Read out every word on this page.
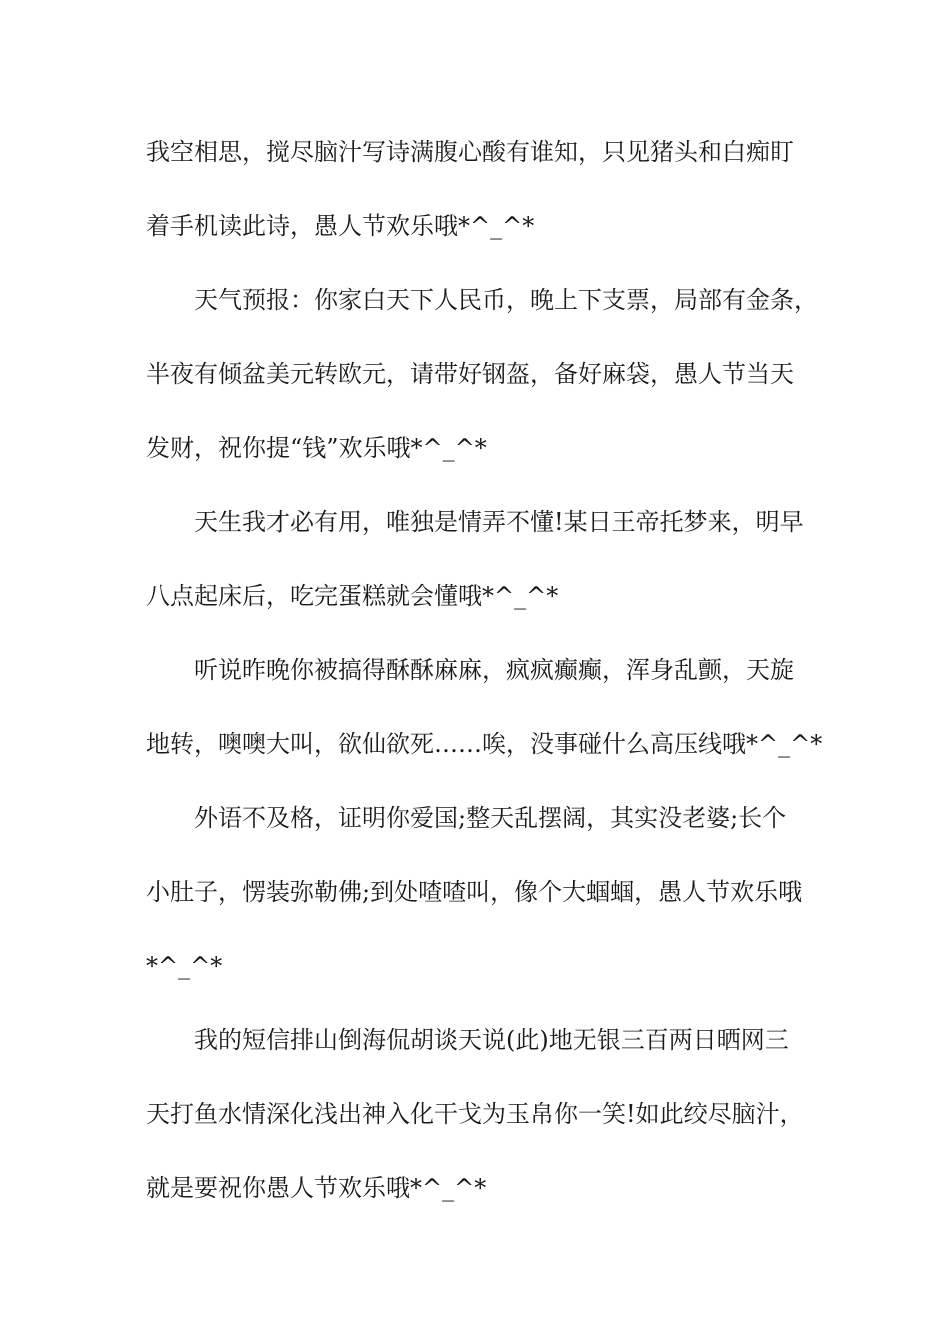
我空相思，搅尽脑汁写诗满腹心酸有谁知，只见猪头和白痴盯
着手机读此诗，愚人节欢乐哦*^_^*
天气预报：你家白天下人民币，晚上下支票，局部有金条，
半夜有倾盆美元转欧元，请带好钢盔，备好麻袋，愚人节当天
发财，祝你提“钱”欢乐哦*^_^*
天生我才必有用，唯独是情弄不懂!某日王帝托梦来，明早
八点起床后，吃完蛋糕就会懂哦*^_^*
听说昨晚你被搞得酥酥麻麻，疯疯癫癫，浑身乱颤，天旋
地转，噢噢大叫，欲仙欲死……唉，没事碰什么高压线哦*^_^*
外语不及格，证明你爱国;整天乱摆阔，其实没老婆;长个
小肚子，愣装弥勒佛;到处喳喳叫，像个大蝈蝈，愚人节欢乐哦
*^_^*
我的短信排山倒海侃胡谈天说(此)地无银三百两日晒网三
天打鱼水情深化浅出神入化干戈为玉帛你一笑!如此绞尽脑汁，
就是要祝你愚人节欢乐哦*^_^*
